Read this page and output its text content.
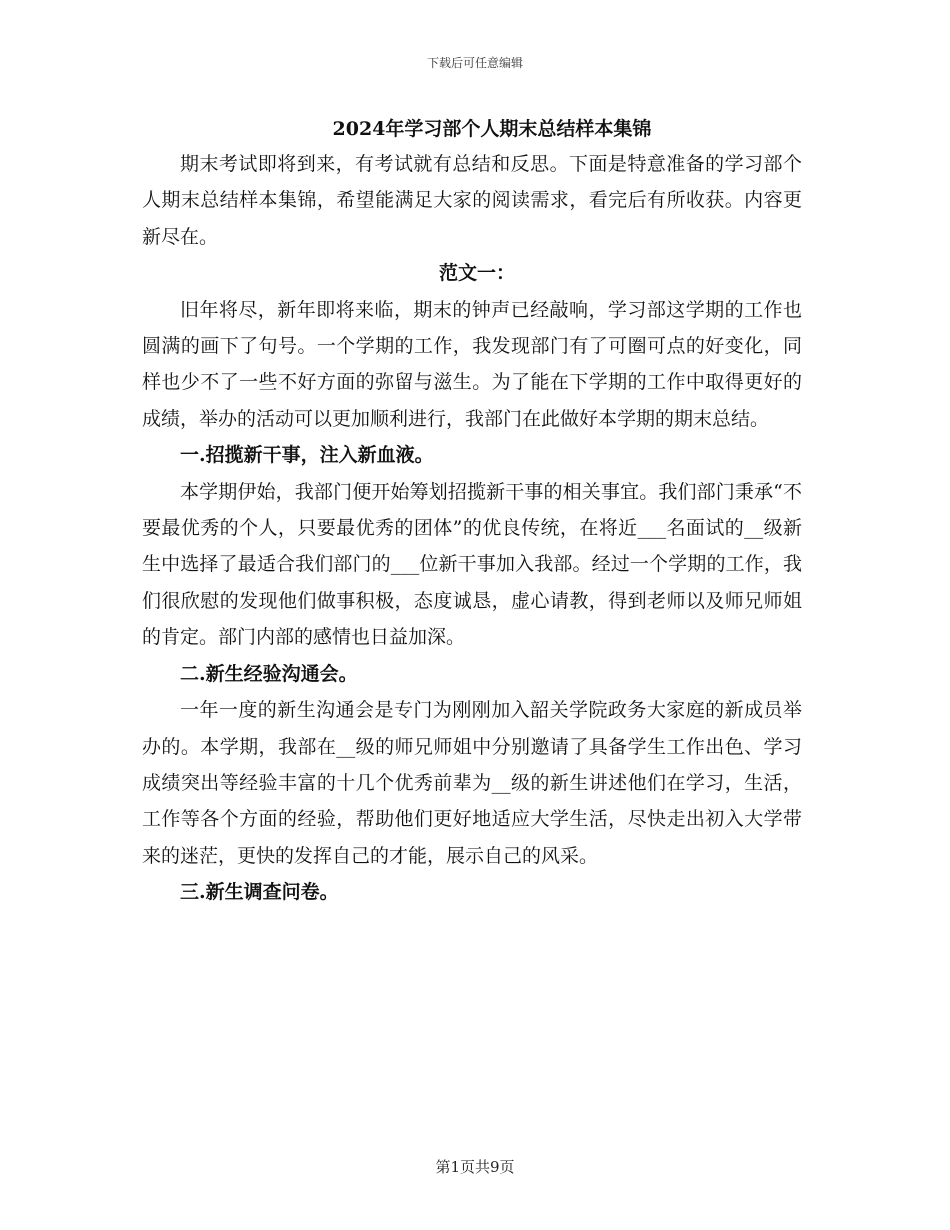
下载后可任意编辑

2024年学习部个人期末总结样本集锦

期末考试即将到来，有考试就有总结和反思。下面是特意准备的学习部个人期末总结样本集锦，希望能满足大家的阅读需求，看完后有所收获。内容更新尽在。

范文一：

旧年将尽，新年即将来临，期末的钟声已经敲响，学习部这学期的工作也圆满的画下了句号。一个学期的工作，我发现部门有了可圈可点的好变化，同样也少不了一些不好方面的弥留与滋生。为了能在下学期的工作中取得更好的成绩，举办的活动可以更加顺利进行，我部门在此做好本学期的期末总结。

一.招揽新干事，注入新血液。

本学期伊始，我部门便开始筹划招揽新干事的相关事宜。我们部门秉承“不要最优秀的个人，只要最优秀的团体”的优良传统，在将近___名面试的__级新生中选择了最适合我们部门的___位新干事加入我部。经过一个学期的工作，我们很欣慰的发现他们做事积极，态度诚恳，虚心请教，得到老师以及师兄师姐的肯定。部门内部的感情也日益加深。

二.新生经验沟通会。

一年一度的新生沟通会是专门为刚刚加入韶关学院政务大家庭的新成员举办的。本学期，我部在__级的师兄师姐中分别邀请了具备学生工作出色、学习成绩突出等经验丰富的十几个优秀前辈为__级的新生讲述他们在学习，生活，工作等各个方面的经验，帮助他们更好地适应大学生活，尽快走出初入大学带来的迷茫，更快的发挥自己的才能，展示自己的风采。

三.新生调查问卷。

第1页共9页
